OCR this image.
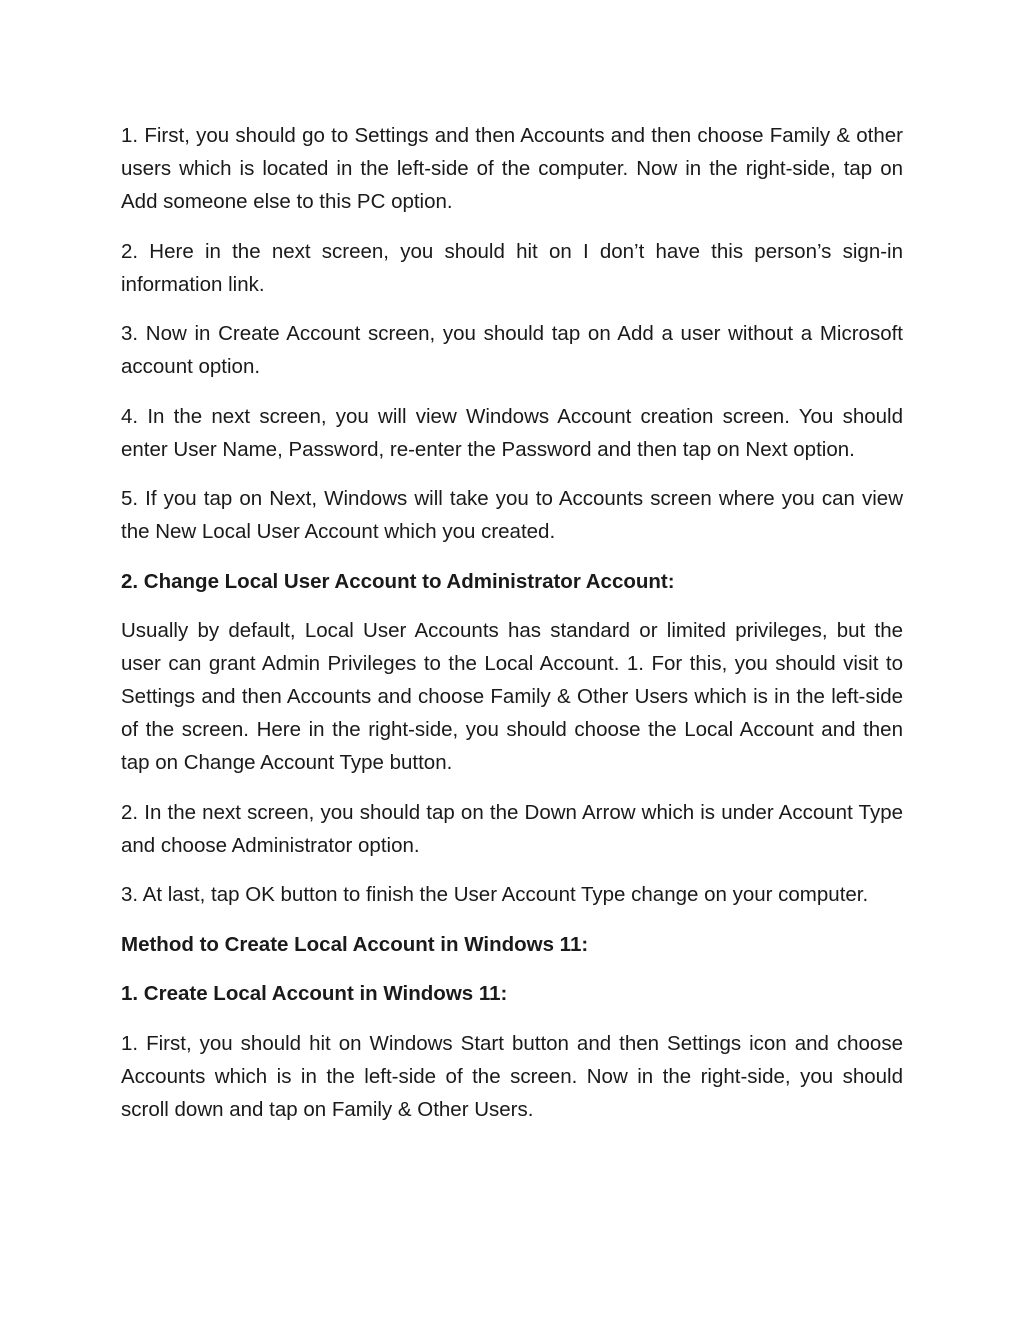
1. First, you should go to Settings and then Accounts and then choose Family & other users which is located in the left-side of the computer. Now in the right-side, tap on Add someone else to this PC option.

2. Here in the next screen, you should hit on I don’t have this person’s sign-in information link.

3. Now in Create Account screen, you should tap on Add a user without a Microsoft account option.

4. In the next screen, you will view Windows Account creation screen. You should enter User Name, Password, re-enter the Password and then tap on Next option.

5. If you tap on Next, Windows will take you to Accounts screen where you can view the New Local User Account which you created.

2. Change Local User Account to Administrator Account:

Usually by default, Local User Accounts has standard or limited privileges, but the user can grant Admin Privileges to the Local Account. 1. For this, you should visit to Settings and then Accounts and choose Family & Other Users which is in the left-side of the screen. Here in the right-side, you should choose the Local Account and then tap on Change Account Type button.

2. In the next screen, you should tap on the Down Arrow which is under Account Type and choose Administrator option.

3. At last, tap OK button to finish the User Account Type change on your computer.

Method to Create Local Account in Windows 11:

1. Create Local Account in Windows 11:

1. First, you should hit on Windows Start button and then Settings icon and choose Accounts which is in the left-side of the screen. Now in the right-side, you should scroll down and tap on Family & Other Users.
